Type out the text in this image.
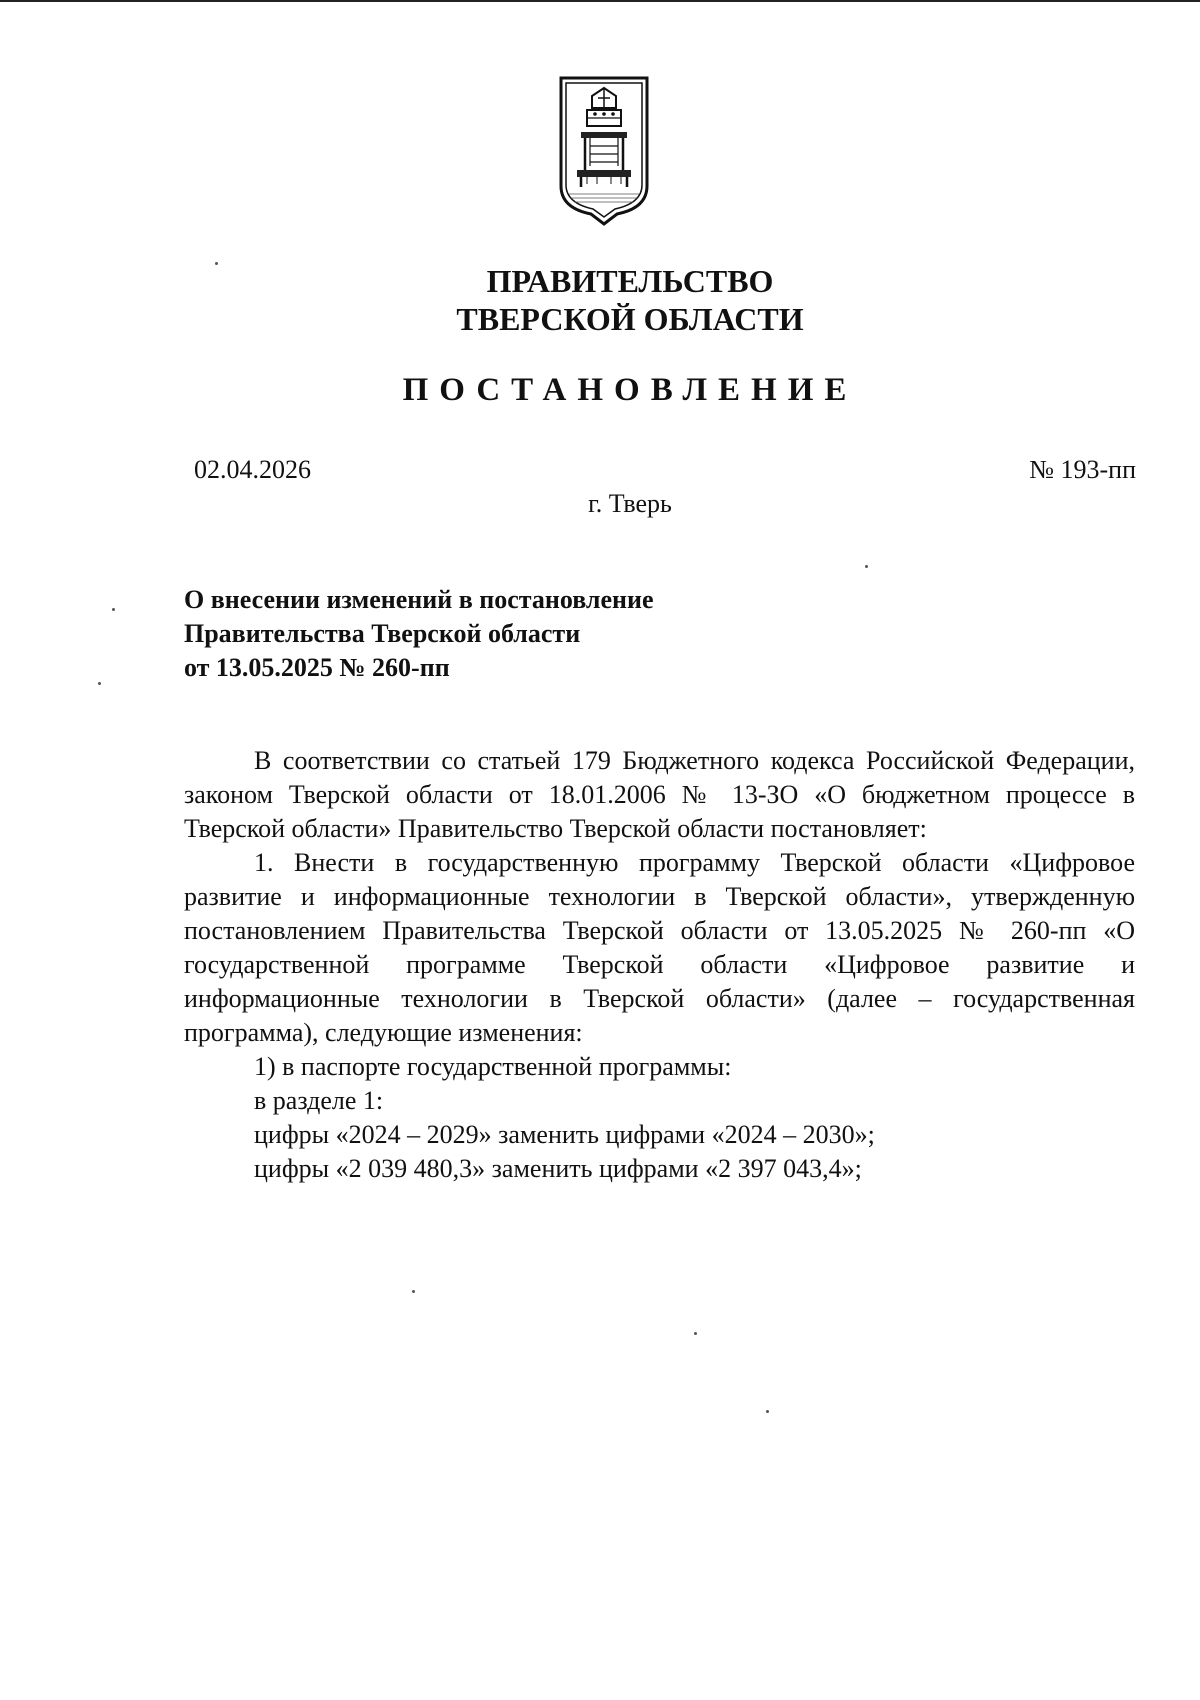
ПРАВИТЕЛЬСТВО
ТВЕРСКОЙ ОБЛАСТИ
ПОСТАНОВЛЕНИЕ
02.04.2026	№ 193-пп
г. Тверь
О внесении изменений в постановление
Правительства Тверской области
от 13.05.2025 № 260-пп

В соответствии со статьей 179 Бюджетного кодекса Российской Федерации, законом Тверской области от 18.01.2006 № 13-ЗО «О бюджетном процессе в Тверской области» Правительство Тверской области постановляет:

1. Внести в государственную программу Тверской области «Цифровое развитие и информационные технологии в Тверской области», утвержденную постановлением Правительства Тверской области от 13.05.2025 № 260-пп «О государственной программе Тверской области «Цифровое развитие и информационные технологии в Тверской области» (далее – государственная программа), следующие изменения:

1) в паспорте государственной программы:

в разделе 1:

цифры «2024 – 2029» заменить цифрами «2024 – 2030»;

цифры «2 039 480,3» заменить цифрами «2 397 043,4»;
